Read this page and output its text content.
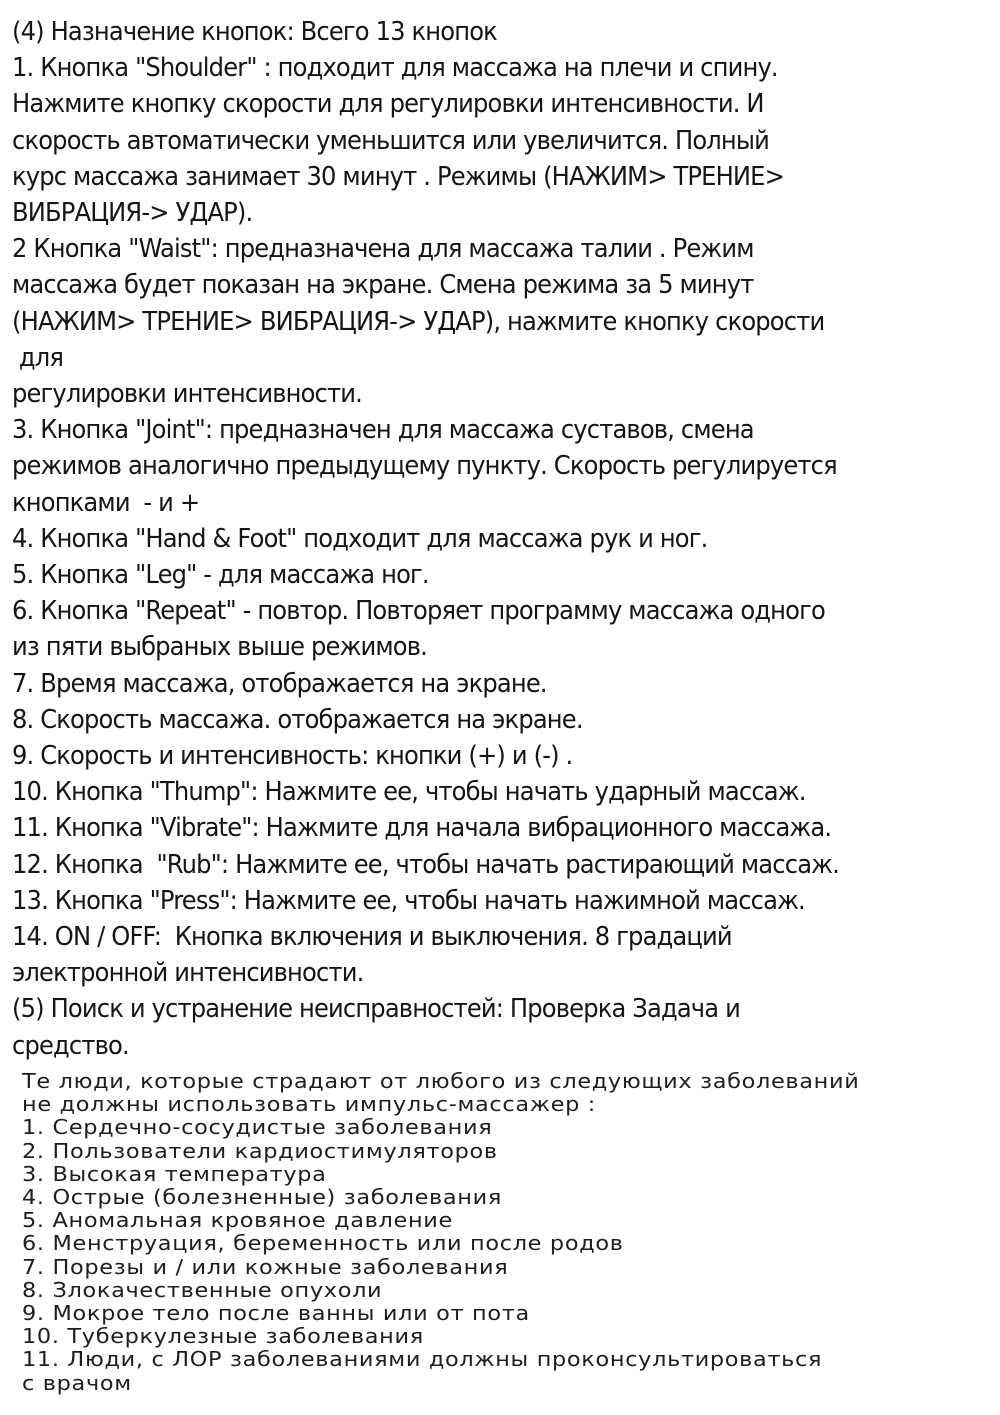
(4) Назначение кнопок: Всего 13 кнопок
1. Кнопка "Shoulder" : подходит для массажа на плечи и спину.
Нажмите кнопку скорости для регулировки интенсивности. И
скорость автоматически уменьшится или увеличится. Полный
курс массажа занимает 30 минут . Режимы (НАЖИМ> ТРЕНИЕ>
ВИБРАЦИЯ-> УДАР).
2 Кнопка "Waist": предназначена для массажа талии . Режим
массажа будет показан на экране. Смена режима за 5 минут
(НАЖИМ> ТРЕНИЕ> ВИБРАЦИЯ-> УДАР), нажмите кнопку скорости
для
регулировки интенсивности.
3. Кнопка "Joint": предназначен для массажа суставов, смена
режимов аналогично предыдущему пункту. Скорость регулируется
кнопками  - и +
4. Кнопка "Hand & Foot" подходит для массажа рук и ног.
5. Кнопка "Leg" - для массажа ног.
6. Кнопка "Repeat" - повтор. Повторяет программу массажа одного
из пяти выбраных выше режимов.
7. Время массажа, отображается на экране.
8. Скорость массажа. отображается на экране.
9. Скорость и интенсивность: кнопки (+) и (-) .
10. Кнопка "Thump": Нажмите ее, чтобы начать ударный массаж.
11. Кнопка "Vibrate": Нажмите для начала вибрационного массажа.
12. Кнопка  "Rub": Нажмите ее, чтобы начать растирающий массаж.
13. Кнопка "Press": Нажмите ее, чтобы начать нажимной массаж.
14. ON / OFF:  Кнопка включения и выключения. 8 градаций
электронной интенсивности.
(5) Поиск и устранение неисправностей: Проверка Задача и
средство.
Те люди, которые страдают от любого из следующих заболеваний
не должны использовать импульс-массажер :
1. Сердечно-сосудистые заболевания
2. Пользователи кардиостимуляторов
3. Высокая температура
4. Острые (болезненные) заболевания
5. Аномальная кровяное давление
6. Менструация, беременность или после родов
7. Порезы и / или кожные заболевания
8. Злокачественные опухоли
9. Мокрое тело после ванны или от пота
10. Туберкулезные заболевания
11. Люди, с ЛОР заболеваниями должны проконсультироваться
с врачом
